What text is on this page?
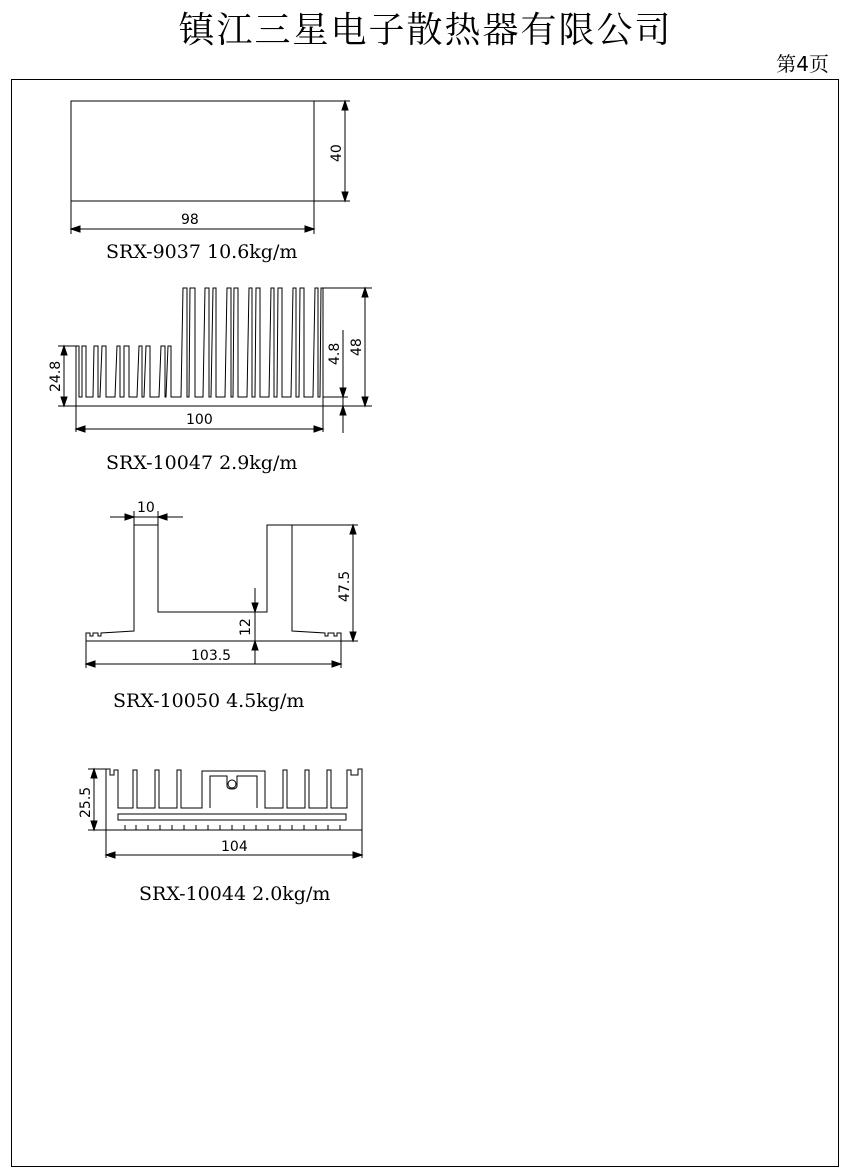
镇江三星电子散热器有限公司
第4页
98
40
100
24.8
48
4.8
10
47.5
12
103.5
25.5
104
SRX-9037 10.6kg/m
SRX-10047 2.9kg/m
SRX-10050 4.5kg/m
SRX-10044 2.0kg/m
